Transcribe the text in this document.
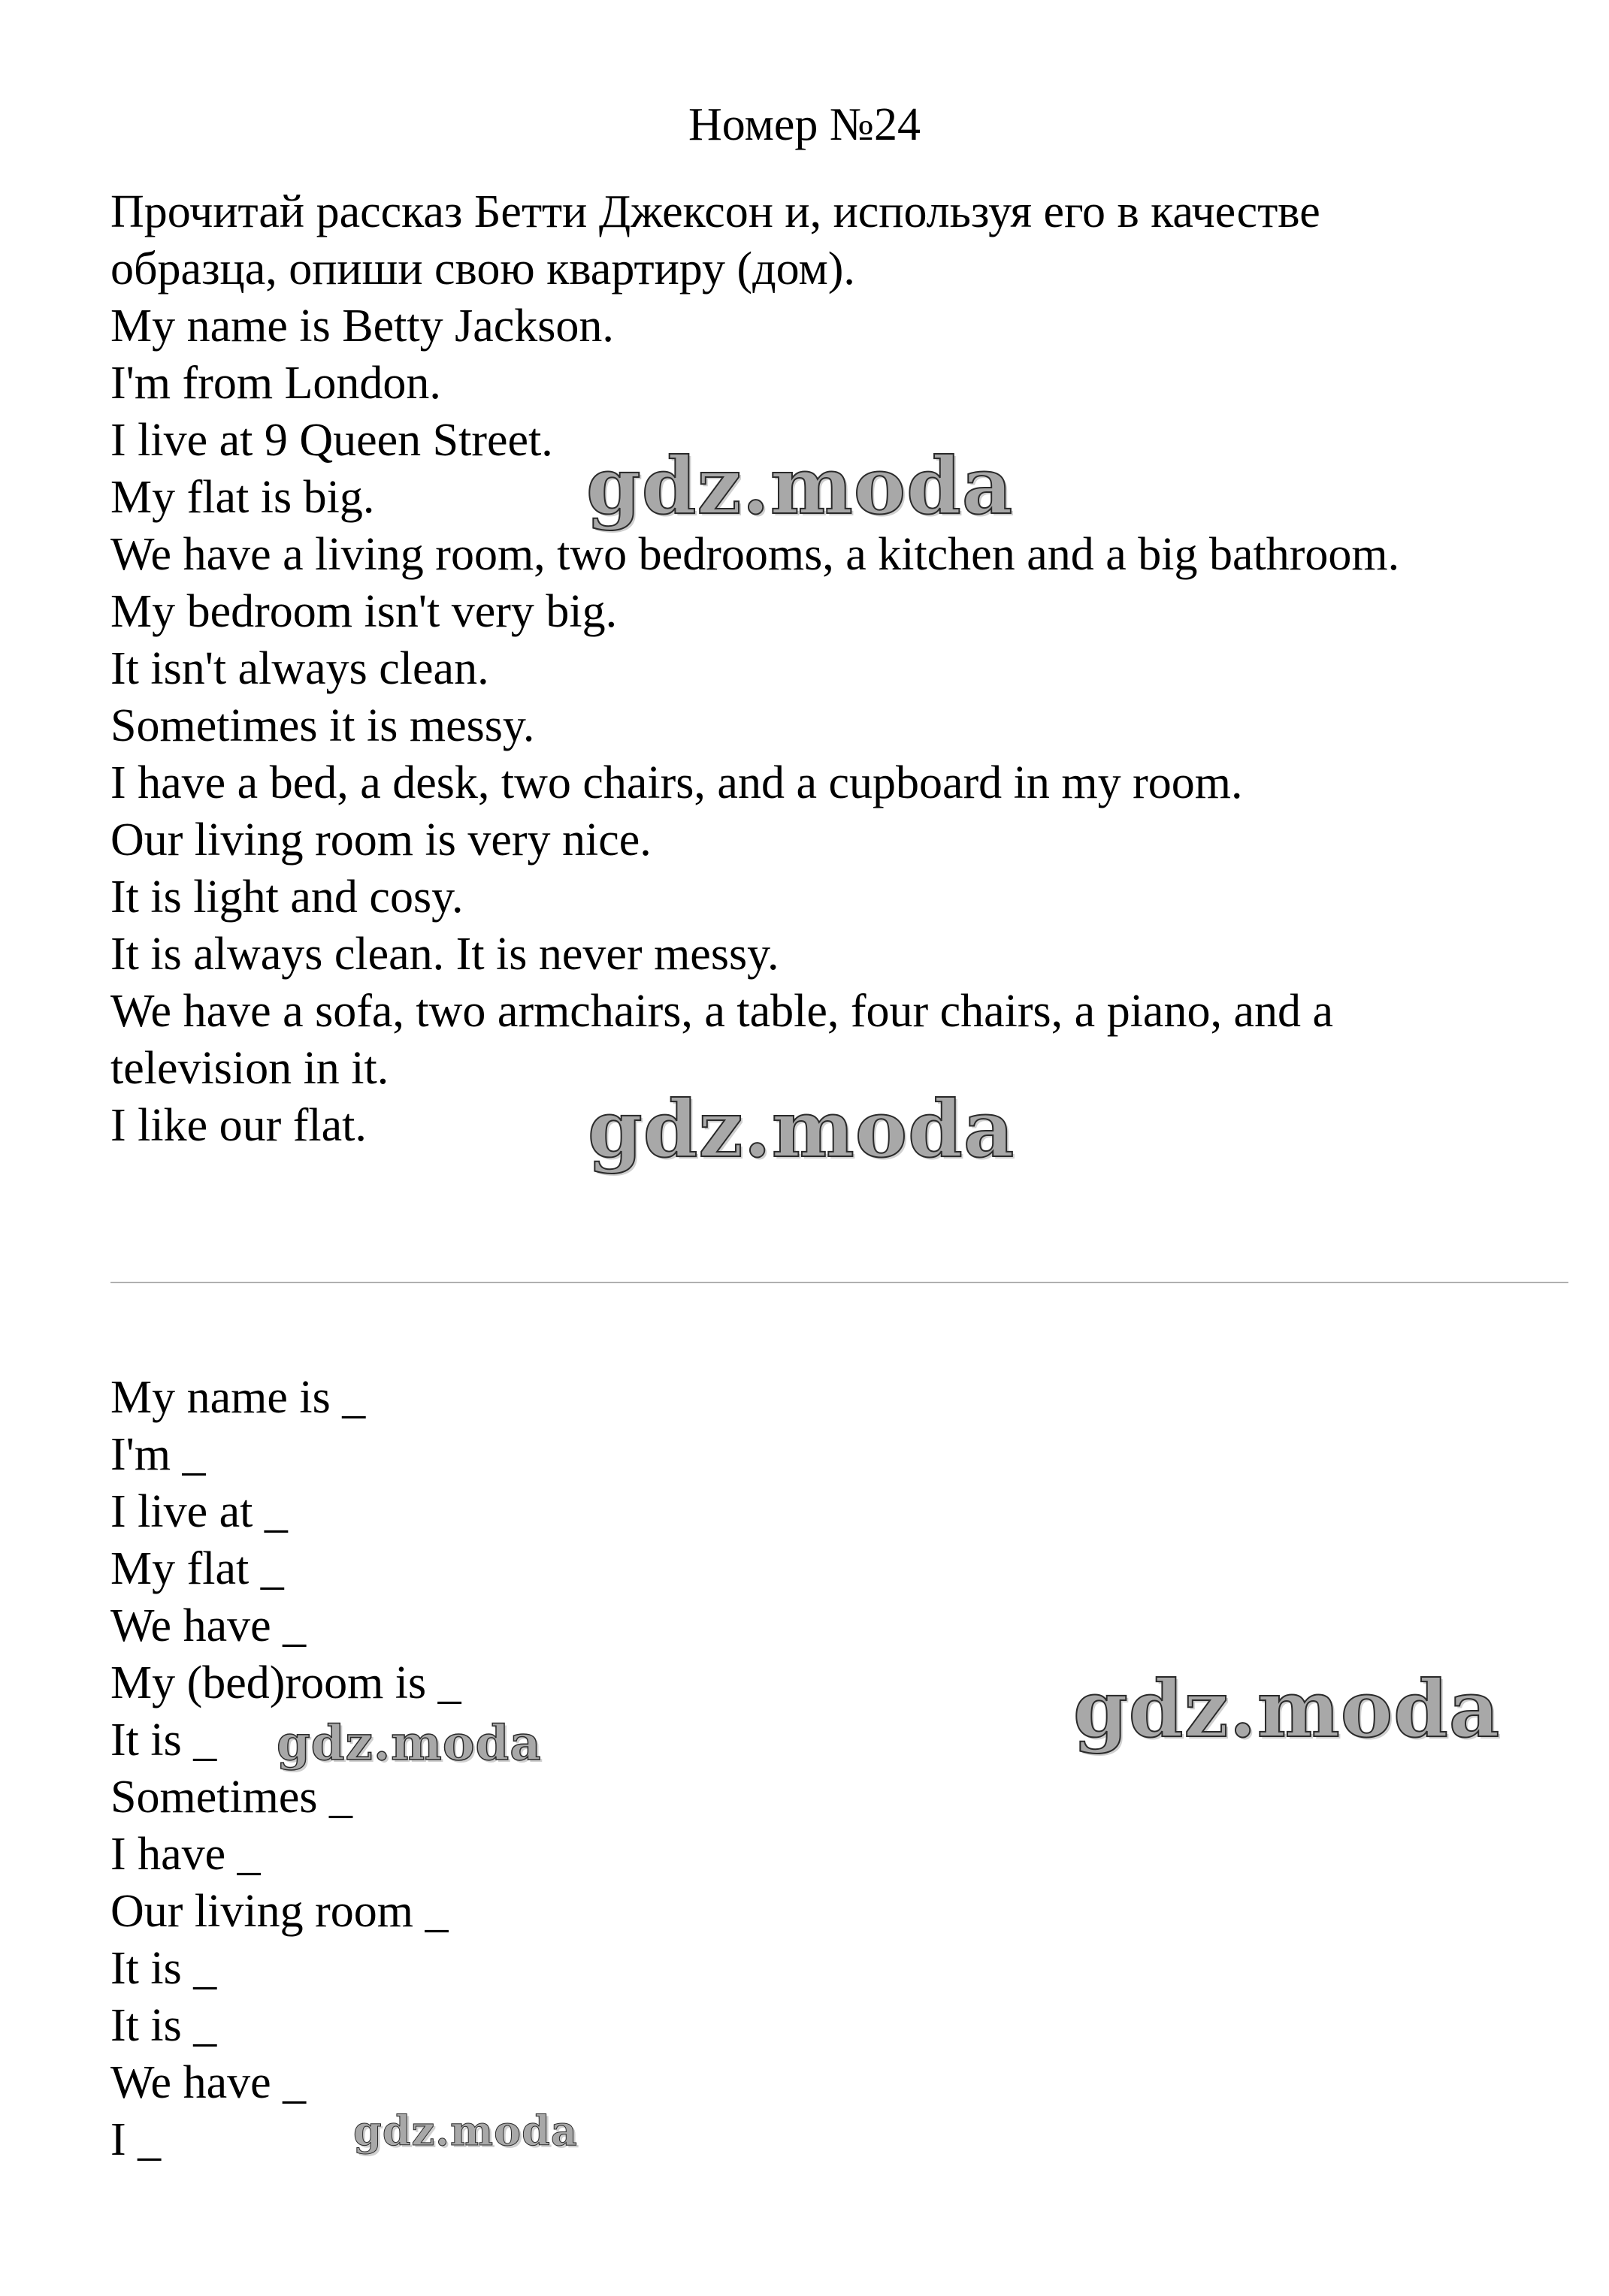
Номер №24
Прочитай рассказ Бетти Джексон и, используя его в качестве
образца, опиши свою квартиру (дом).
My name is Betty Jackson.
I'm from London.
I live at 9 Queen Street.
My flat is big.
We have a living room, two bedrooms, a kitchen and a big bathroom.
My bedroom isn't very big.
It isn't always clean.
Sometimes it is messy.
I have a bed, a desk, two chairs, and a cupboard in my room.
Our living room is very nice.
It is light and cosy.
It is always clean. It is never messy.
We have a sofa, two armchairs, a table, four chairs, a piano, and a
television in it.
I like our flat.
My name is _
I'm _
I live at _
My flat _
We have _
My (bed)room is _
It is _
Sometimes _
I have _
Our living room _
It is _
It is _
We have _
I _
gdz.moda
gdz.moda
gdz.moda
gdz.moda
gdz.moda
